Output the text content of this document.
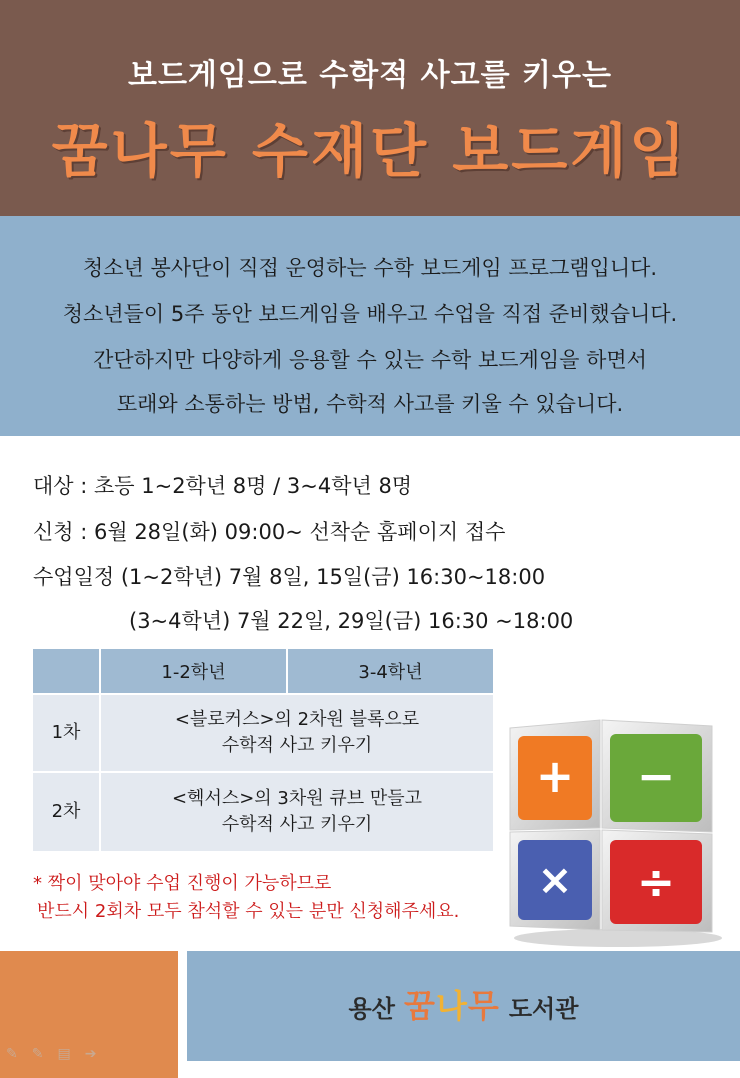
보드게임으로 수학적 사고를 키우는
꿈나무 수재단 보드게임

청소년 봉사단이 직접 운영하는 수학 보드게임 프로그램입니다.

청소년들이 5주 동안 보드게임을 배우고 수업을 직접 준비했습니다.

간단하지만 다양하게 응용할 수 있는 수학 보드게임을 하면서

또래와 소통하는 방법, 수학적 사고를 키울 수 있습니다.

대상 : 초등 1~2학년 8명 / 3~4학년 8명
신청 : 6월 28일(화) 09:00~ 선착순 홈페이지 접수
수업일정 (1~2학년) 7월 8일, 15일(금) 16:30~18:00
(3~4학년) 7월 22일, 29일(금) 16:30 ~18:00
	1-2학년	3-4학년
1차	<블로커스>의 2차원 블록으로
수학적 사고 키우기	

2차	<헥서스>의 3차원 큐브 만들고
수학적 사고 키우기	
* 짝이 맞아야 수업 진행이 가능하므로
반드시 2회차 모두 참석할 수 있는 분만 신청해주세요.
+ −
× ÷
용산 꿈나무 도서관
✎✎▤➔
